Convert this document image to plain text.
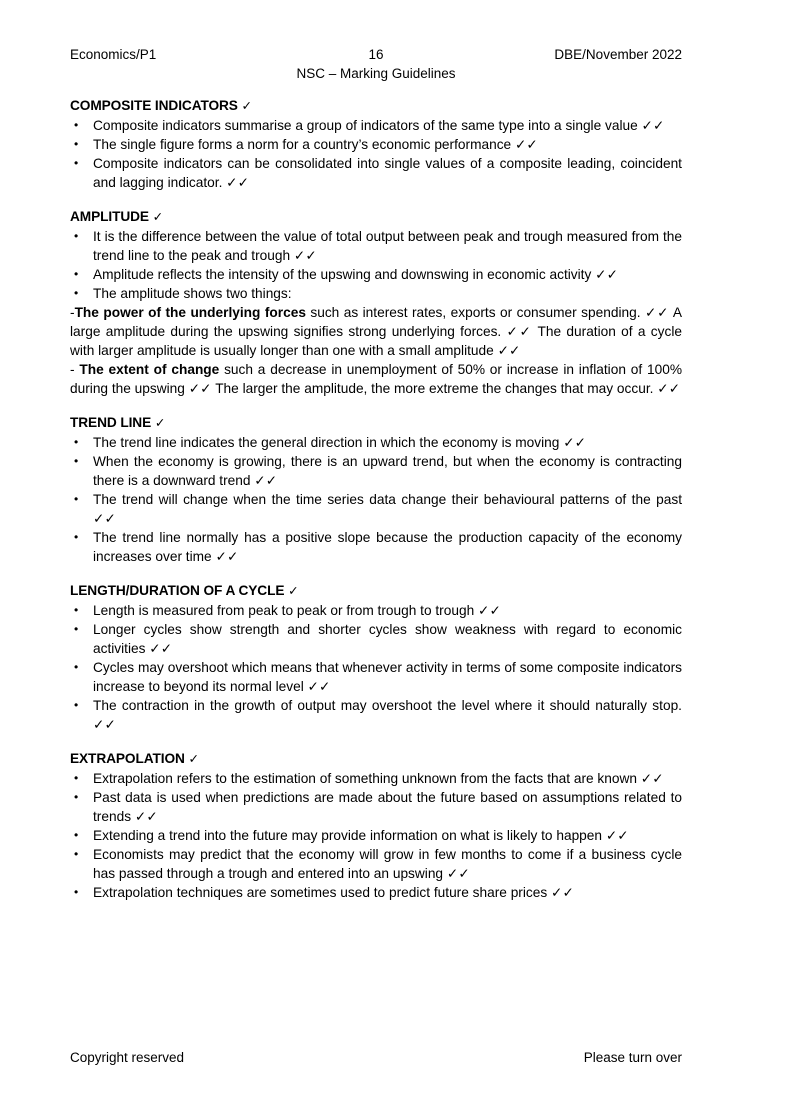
Economics/P1	16	DBE/November 2022
NSC – Marking Guidelines
COMPOSITE INDICATORS ✓
• Composite indicators summarise a group of indicators of the same type into a single value ✓✓
• The single figure forms a norm for a country’s economic performance ✓✓
• Composite indicators can be consolidated into single values of a composite leading, coincident and lagging indicator. ✓✓
AMPLITUDE ✓
• It is the difference between the value of total output between peak and trough measured from the trend line to the peak and trough ✓✓
• Amplitude reflects the intensity of the upswing and downswing in economic activity ✓✓
• The amplitude shows two things:

-The power of the underlying forces such as interest rates, exports or consumer spending. ✓✓ A large amplitude during the upswing signifies strong underlying forces. ✓✓ The duration of a cycle with larger amplitude is usually longer than one with a small amplitude ✓✓

- The extent of change such a decrease in unemployment of 50% or increase in inflation of 100% during the upswing ✓✓ The larger the amplitude, the more extreme the changes that may occur. ✓✓

TREND LINE ✓
• The trend line indicates the general direction in which the economy is moving ✓✓
• When the economy is growing, there is an upward trend, but when the economy is contracting there is a downward trend ✓✓
• The trend will change when the time series data change their behavioural patterns of the past ✓✓
• The trend line normally has a positive slope because the production capacity of the economy increases over time ✓✓
LENGTH/DURATION OF A CYCLE ✓
• Length is measured from peak to peak or from trough to trough ✓✓
• Longer cycles show strength and shorter cycles show weakness with regard to economic activities ✓✓
• Cycles may overshoot which means that whenever activity in terms of some composite indicators increase to beyond its normal level ✓✓
• The contraction in the growth of output may overshoot the level where it should naturally stop. ✓✓
EXTRAPOLATION ✓
• Extrapolation refers to the estimation of something unknown from the facts that are known ✓✓
• Past data is used when predictions are made about the future based on assumptions related to trends ✓✓
• Extending a trend into the future may provide information on what is likely to happen ✓✓
• Economists may predict that the economy will grow in few months to come if a business cycle has passed through a trough and entered into an upswing ✓✓
• Extrapolation techniques are sometimes used to predict future share prices ✓✓
Copyright reserved	Please turn over
